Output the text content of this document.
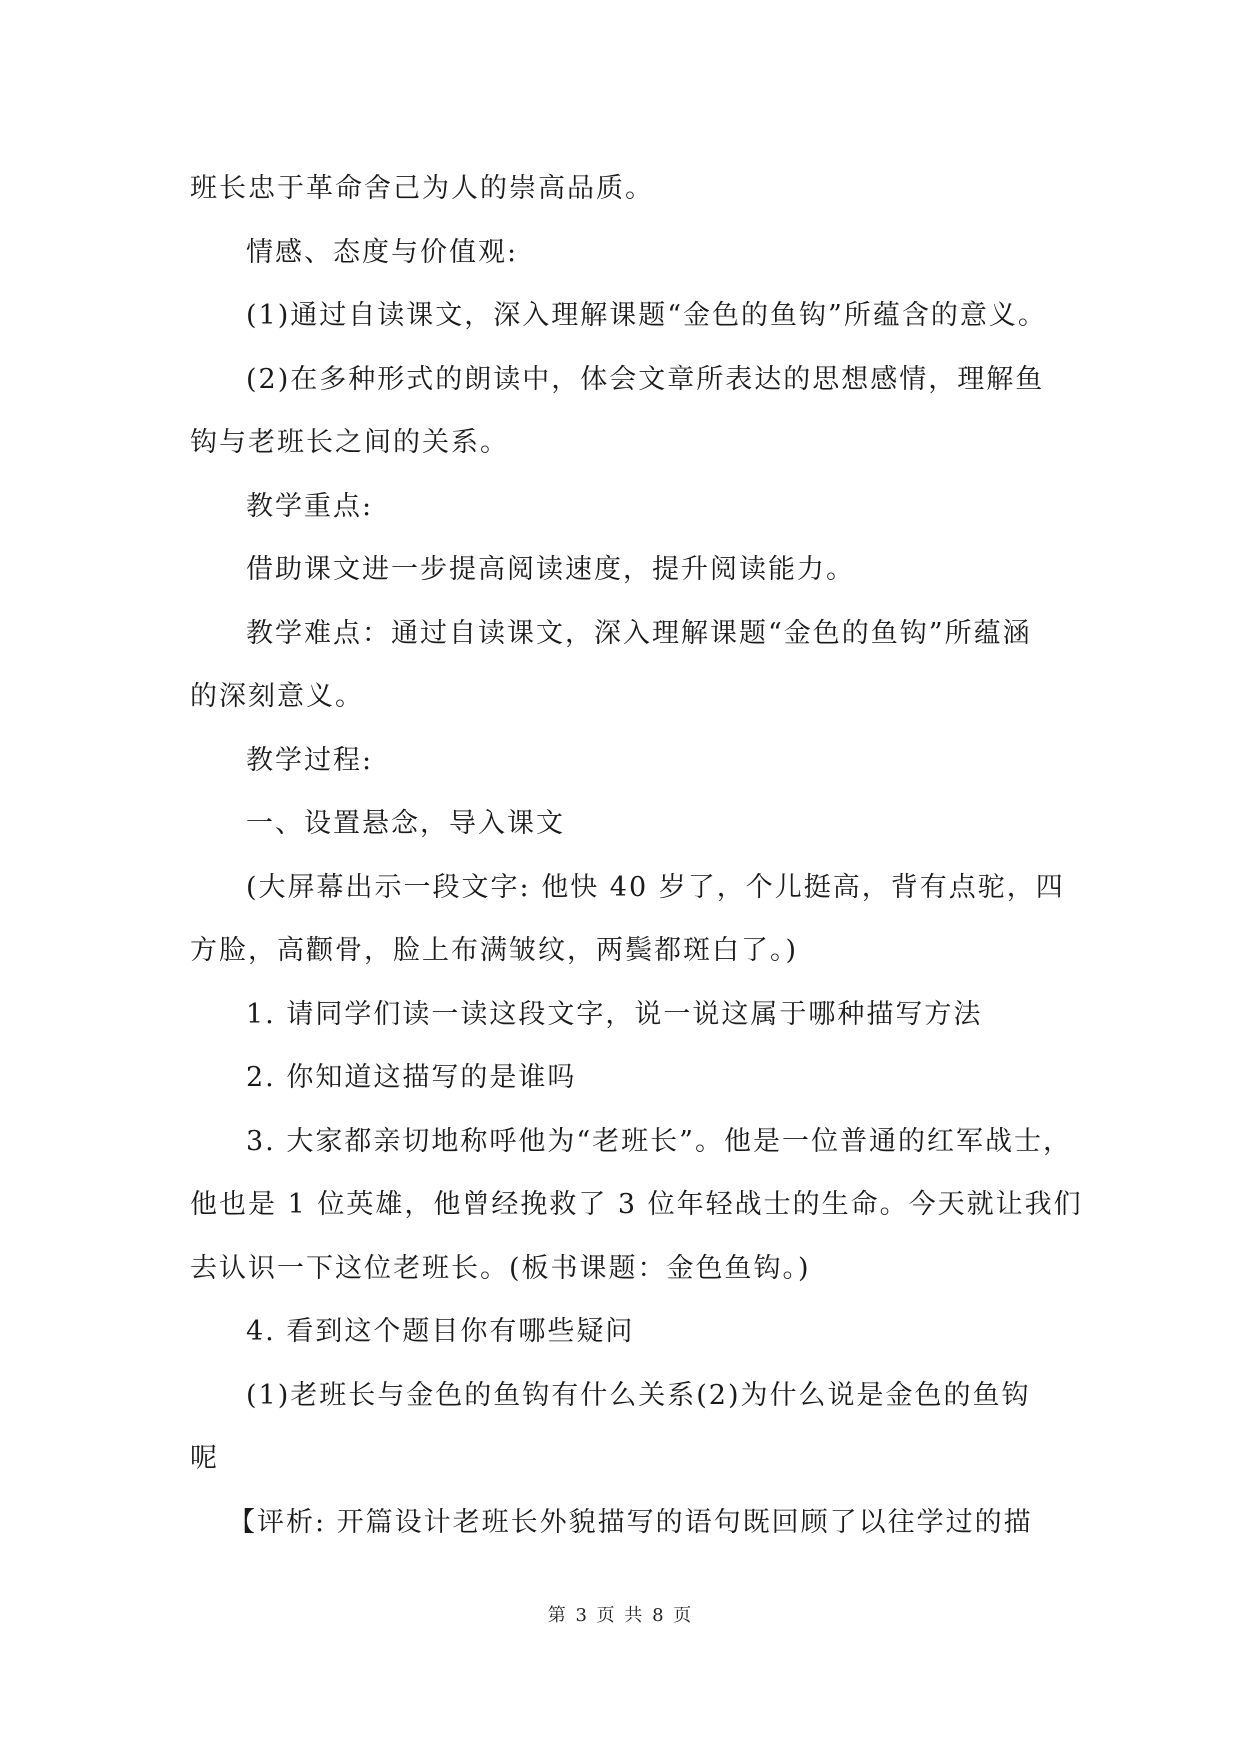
班长忠于革命舍己为人的崇高品质。
情感、态度与价值观:
(1)通过自读课文，深入理解课题“金色的鱼钩”所蕴含的意义。
(2)在多种形式的朗读中，体会文章所表达的思想感情，理解鱼
钩与老班长之间的关系。
教学重点:
借助课文进一步提高阅读速度，提升阅读能力。
教学难点：通过自读课文，深入理解课题“金色的鱼钩”所蕴涵
的深刻意义。
教学过程:
一、设置悬念，导入课文
(大屏幕出示一段文字: 他快 40 岁了，个儿挺高，背有点驼，四
方脸，高颧骨，脸上布满皱纹，两鬓都斑白了。)
1. 请同学们读一读这段文字，说一说这属于哪种描写方法
2. 你知道这描写的是谁吗
3. 大家都亲切地称呼他为“老班长”。他是一位普通的红军战士，
他也是 1 位英雄，他曾经挽救了 3 位年轻战士的生命。今天就让我们
去认识一下这位老班长。(板书课题：金色鱼钩。)
4. 看到这个题目你有哪些疑问
(1)老班长与金色的鱼钩有什么关系(2)为什么说是金色的鱼钩
呢
【评析: 开篇设计老班长外貌描写的语句既回顾了以往学过的描
第 3 页 共 8 页
